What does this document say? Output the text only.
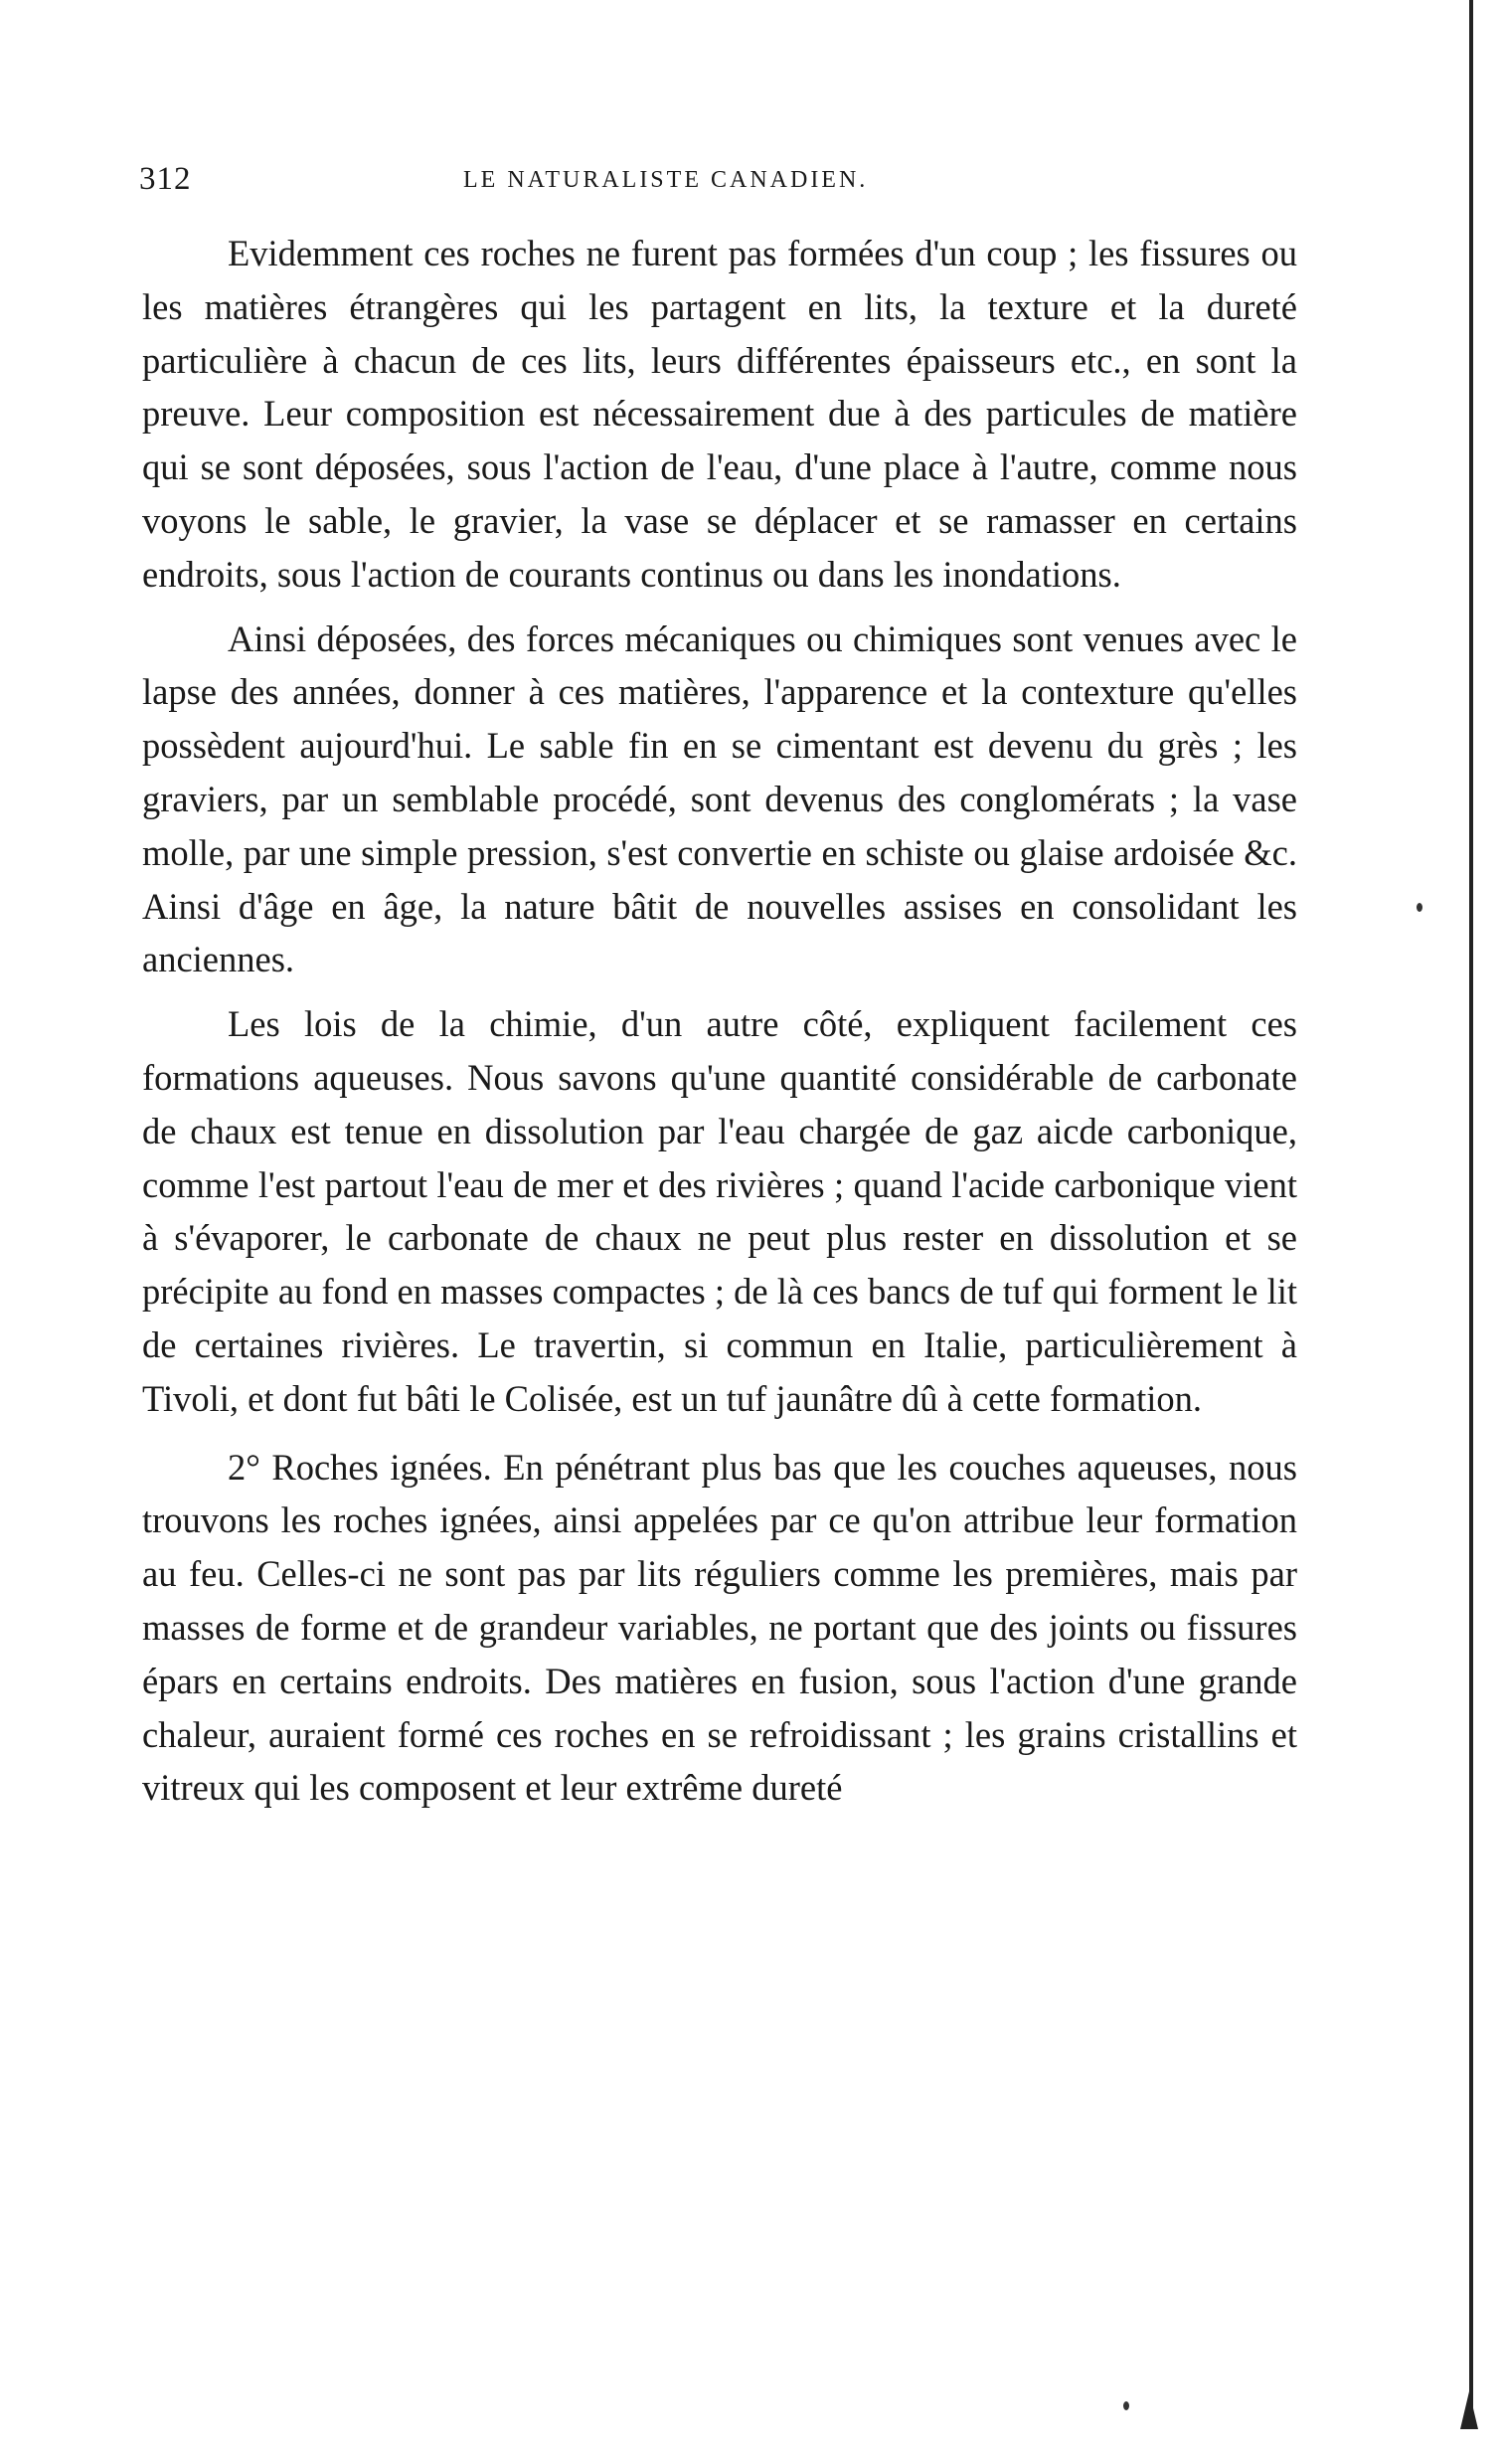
312	LE NATURALISTE CANADIEN.

Evidemment ces roches ne furent pas formées d'un coup ; les fissures ou les matières étrangères qui les partagent en lits, la texture et la dureté particulière à chacun de ces lits, leurs différentes épaisseurs etc., en sont la preuve. Leur composition est nécessairement due à des particules de matière qui se sont déposées, sous l'action de l'eau, d'une place à l'autre, comme nous voyons le sable, le gravier, la vase se déplacer et se ramasser en certains endroits, sous l'action de courants continus ou dans les inondations.

Ainsi déposées, des forces mécaniques ou chimiques sont venues avec le lapse des années, donner à ces matières, l'apparence et la contexture qu'elles possèdent aujourd'hui. Le sable fin en se cimentant est devenu du grès ; les graviers, par un semblable procédé, sont devenus des conglomérats ; la vase molle, par une simple pression, s'est convertie en schiste ou glaise ardoisée &c. Ainsi d'âge en âge, la nature bâtit de nouvelles assises en consolidant les anciennes.

Les lois de la chimie, d'un autre côté, expliquent facilement ces formations aqueuses. Nous savons qu'une quantité considérable de carbonate de chaux est tenue en dissolution par l'eau chargée de gaz aicde carbonique, comme l'est partout l'eau de mer et des rivières ; quand l'acide carbonique vient à s'évaporer, le carbonate de chaux ne peut plus rester en dissolution et se précipite au fond en masses compactes ; de là ces bancs de tuf qui forment le lit de certaines rivières. Le travertin, si commun en Italie, particulièrement à Tivoli, et dont fut bâti le Colisée, est un tuf jaunâtre dû à cette formation.

2° Roches ignées. En pénétrant plus bas que les couches aqueuses, nous trouvons les roches ignées, ainsi appelées par ce qu'on attribue leur formation au feu. Celles-ci ne sont pas par lits réguliers comme les premières, mais par masses de forme et de grandeur variables, ne portant que des joints ou fissures épars en certains endroits. Des matières en fusion, sous l'action d'une grande chaleur, auraient formé ces roches en se refroidissant ; les grains cristallins et vitreux qui les composent et leur extrême dureté
